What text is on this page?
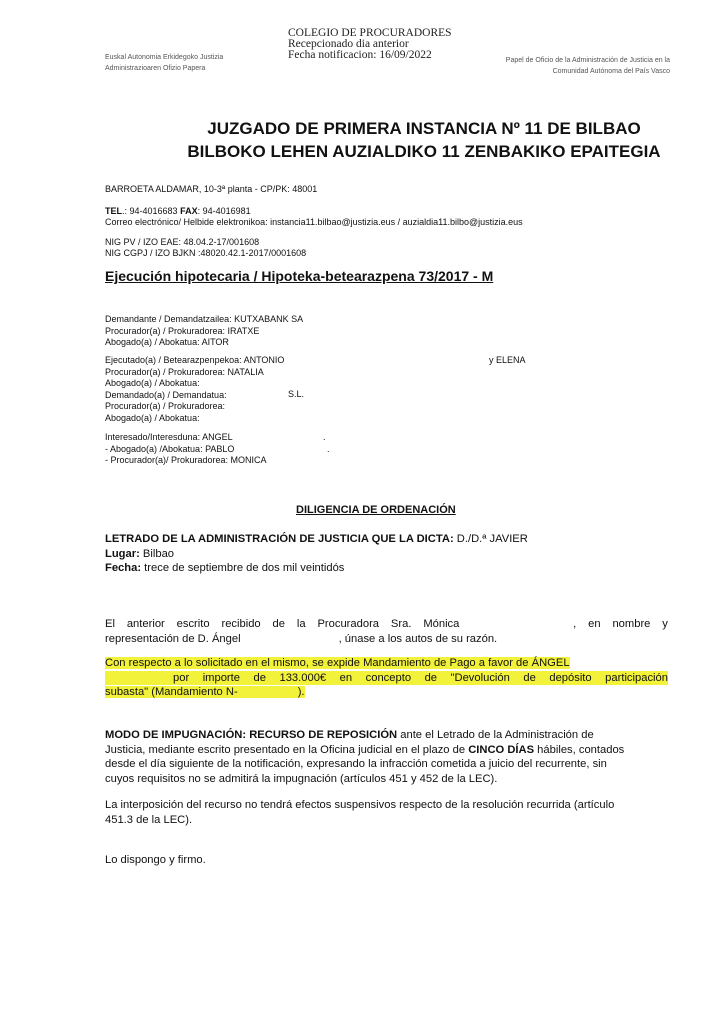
Euskal Autonomia Erkidegoko Justizia
Administrazioaren Ofizio Papera
COLEGIO DE PROCURADORES
Recepcionado dia anterior
Fecha notificacion: 16/09/2022	Papel de Oficio de la Administración de Justicia en la
Comunidad Autónoma del País Vasco
JUZGADO DE PRIMERA INSTANCIA Nº 11 DE BILBAO
BILBOKO LEHEN AUZIALDIKO 11 ZENBAKIKO EPAITEGIA
BARROETA ALDAMAR, 10-3ª planta - CP/PK: 48001
TEL.: 94-4016683 FAX: 94-4016981
Correo electrónico/ Helbide elektronikoa: instancia11.bilbao@justizia.eus / auzialdia11.bilbo@justizia.eus
NIG PV / IZO EAE: 48.04.2-17/001608
NIG CGPJ / IZO BJKN :48020.42.1-2017/0001608
Ejecución hipotecaria / Hipoteka-betearazpena 73/2017 - M
Demandante / Demandatzailea: KUTXABANK SA
Procurador(a) / Prokuradorea: IRATXE
Abogado(a) / Abokatua: AITOR
Ejecutado(a) / Betearazpenpekoa: ANTONIO
Procurador(a) / Prokuradorea: NATALIA
Abogado(a) / Abokatua:
Demandado(a) / Demandatua:
Procurador(a) / Prokuradorea:
Abogado(a) / Abokatua:
y ELENA
S.L.
Interesado/Interesduna: ANGEL
- Abogado(a) /Abokatua: PABLO
- Procurador(a)/ Prokuradorea: MONICA
.
.
DILIGENCIA DE ORDENACIÓN
LETRADO DE LA ADMINISTRACIÓN DE JUSTICIA QUE LA DICTA: D./D.ª JAVIER
Lugar: Bilbao
Fecha: trece de septiembre de dos mil veintidós
El anterior escrito recibido de la Procuradora Sra. Mónica	, en nombre y
representación de D. Ángel	, únase a los autos de su razón.
Con respecto a lo solicitado en el mismo, se expide Mandamiento de Pago a favor de ÁNGEL
por importe de 133.000€ en concepto de "Devolución de depósito participación
subasta" (Mandamiento N-	).
MODO DE IMPUGNACIÓN: RECURSO DE REPOSICIÓN ante el Letrado de la Administración de
Justicia, mediante escrito presentado en la Oficina judicial en el plazo de CINCO DÍAS hábiles, contados
desde el día siguiente de la notificación, expresando la infracción cometida a juicio del recurrente, sin
cuyos requisitos no se admitirá la impugnación (artículos 451 y 452 de la LEC).
La interposición del recurso no tendrá efectos suspensivos respecto de la resolución recurrida (artículo
451.3 de la LEC).
Lo dispongo y firmo.
